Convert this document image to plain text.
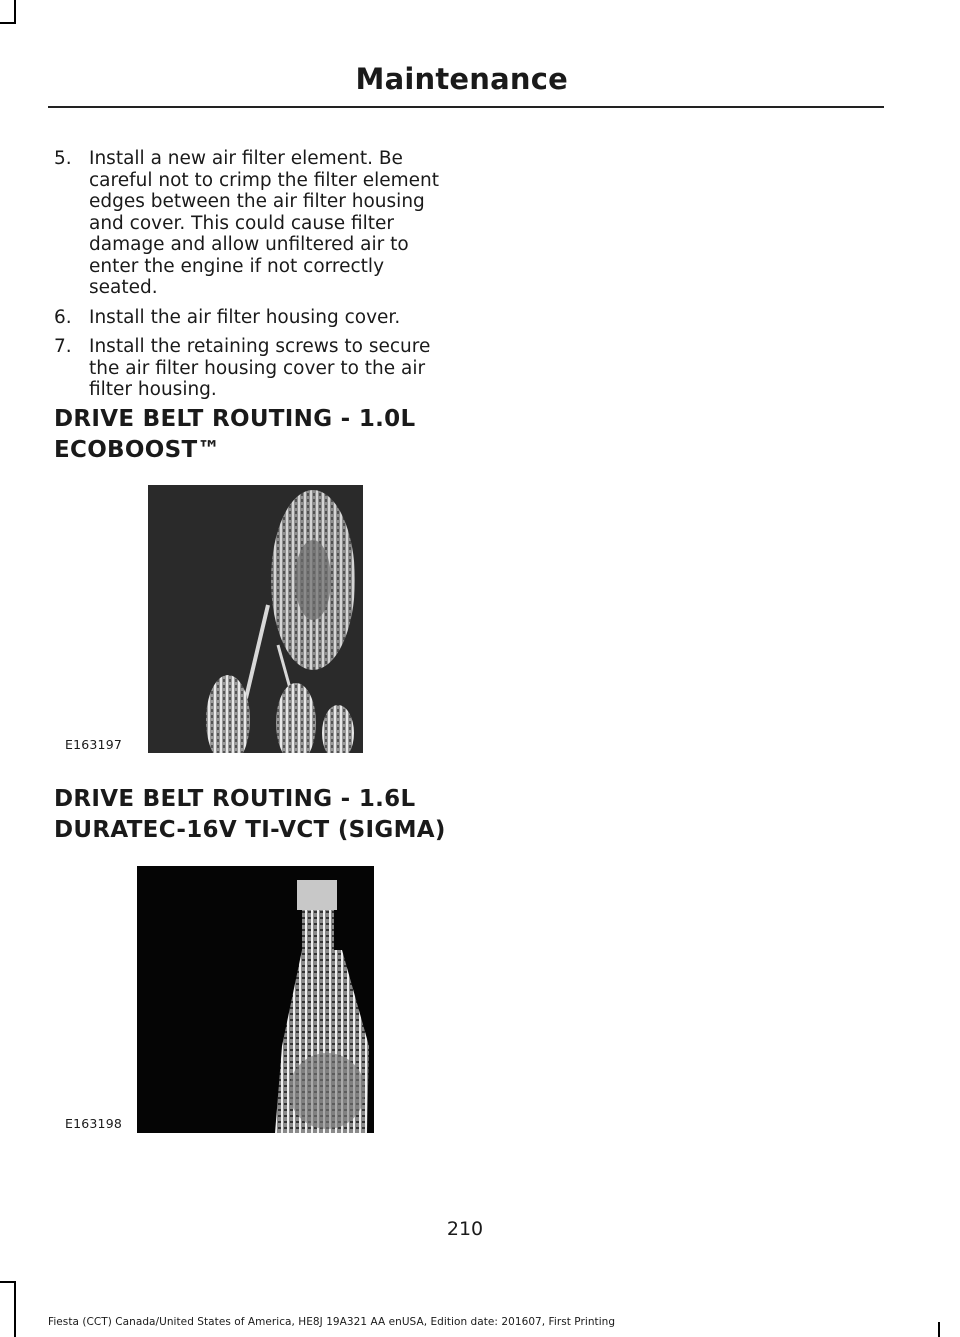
Maintenance
5. Install a new air filter element. Be careful not to crimp the filter element edges between the air filter housing and cover. This could cause filter damage and allow unfiltered air to enter the engine if not correctly seated.
6. Install the air filter housing cover.
7. Install the retaining screws to secure the air filter housing cover to the air filter housing.
DRIVE BELT ROUTING - 1.0L
ECOBOOST™
E163197
DRIVE BELT ROUTING - 1.6L
DURATEC-16V TI-VCT (SIGMA)
E163198
210
Fiesta (CCT) Canada/United States of America, HE8J 19A321 AA enUSA, Edition date: 201607, First Printing
